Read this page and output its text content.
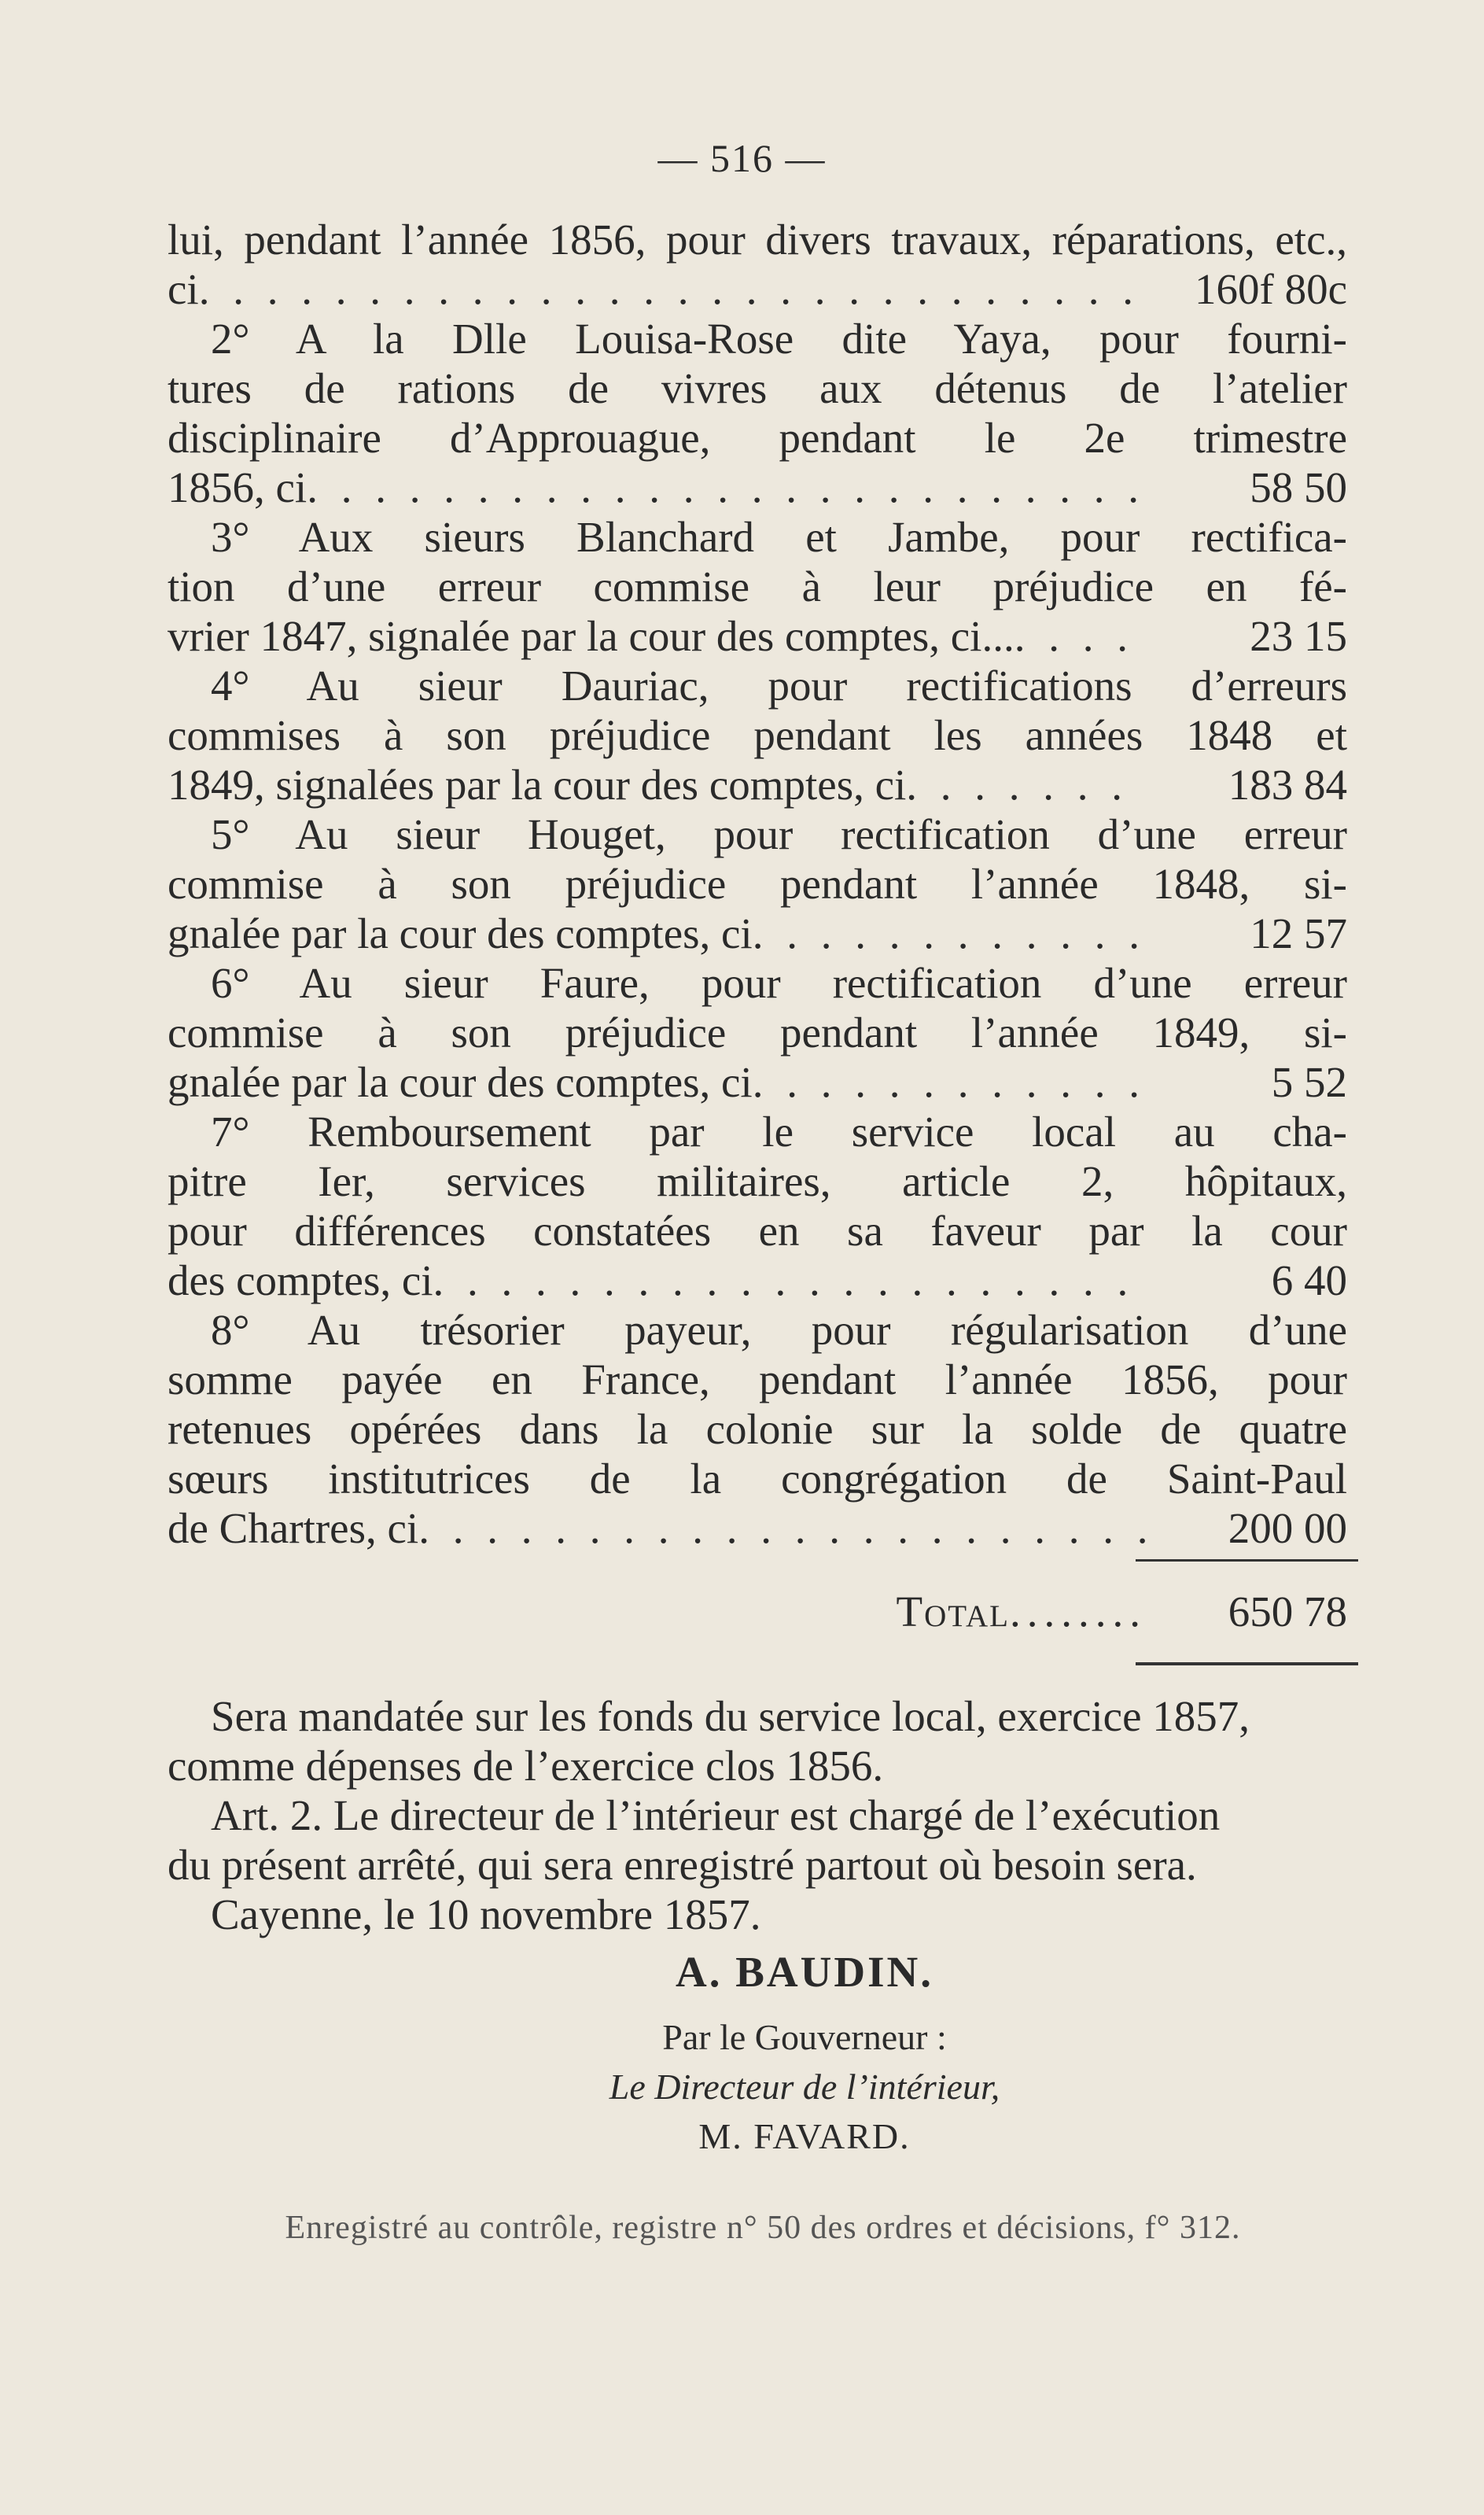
— 516 —
lui, pendant l’année 1856, pour divers travaux, réparations, etc.,
ci . . .	160f 80c
2° A la Dlle Louisa-Rose dite Yaya, pour fourni-
tures de rations de vivres aux détenus de l’atelier
disciplinaire d’Approuague, pendant le 2e trimestre
1856, ci . . .	58 50
3° Aux sieurs Blanchard et Jambe, pour rectifica-
tion d’une erreur commise à leur préjudice en fé-
vrier 1847, signalée par la cour des comptes, ci... . . .	23 15
4° Au sieur Dauriac, pour rectifications d’erreurs
commises à son préjudice pendant les années 1848 et
1849, signalées par la cour des comptes, ci . . .	183 84
5° Au sieur Houget, pour rectification d’une erreur
commise à son préjudice pendant l’année 1848, si-
gnalée par la cour des comptes, ci . . .	12 57
6° Au sieur Faure, pour rectification d’une erreur
commise à son préjudice pendant l’année 1849, si-
gnalée par la cour des comptes, ci . . .	5 52
7° Remboursement par le service local au cha-
pitre Ier, services militaires, article 2, hôpitaux,
pour différences constatées en sa faveur par la cour
des comptes, ci . . .	6 40
8° Au trésorier payeur, pour régularisation d’une
somme payée en France, pendant l’année 1856, pour
retenues opérées dans la colonie sur la solde de quatre
sœurs institutrices de la congrégation de Saint-Paul
de Chartres, ci . . .	200 00
Total ........	650 78
Sera mandatée sur les fonds du service local, exercice 1857,
comme dépenses de l’exercice clos 1856.
Art. 2. Le directeur de l’intérieur est chargé de l’exécution
du présent arrêté, qui sera enregistré partout où besoin sera.
Cayenne, le 10 novembre 1857.
A. BAUDIN.
Par le Gouverneur :
Le Directeur de l’intérieur,
M. FAVARD.
Enregistré au contrôle, registre n° 50 des ordres et décisions, f° 312.
